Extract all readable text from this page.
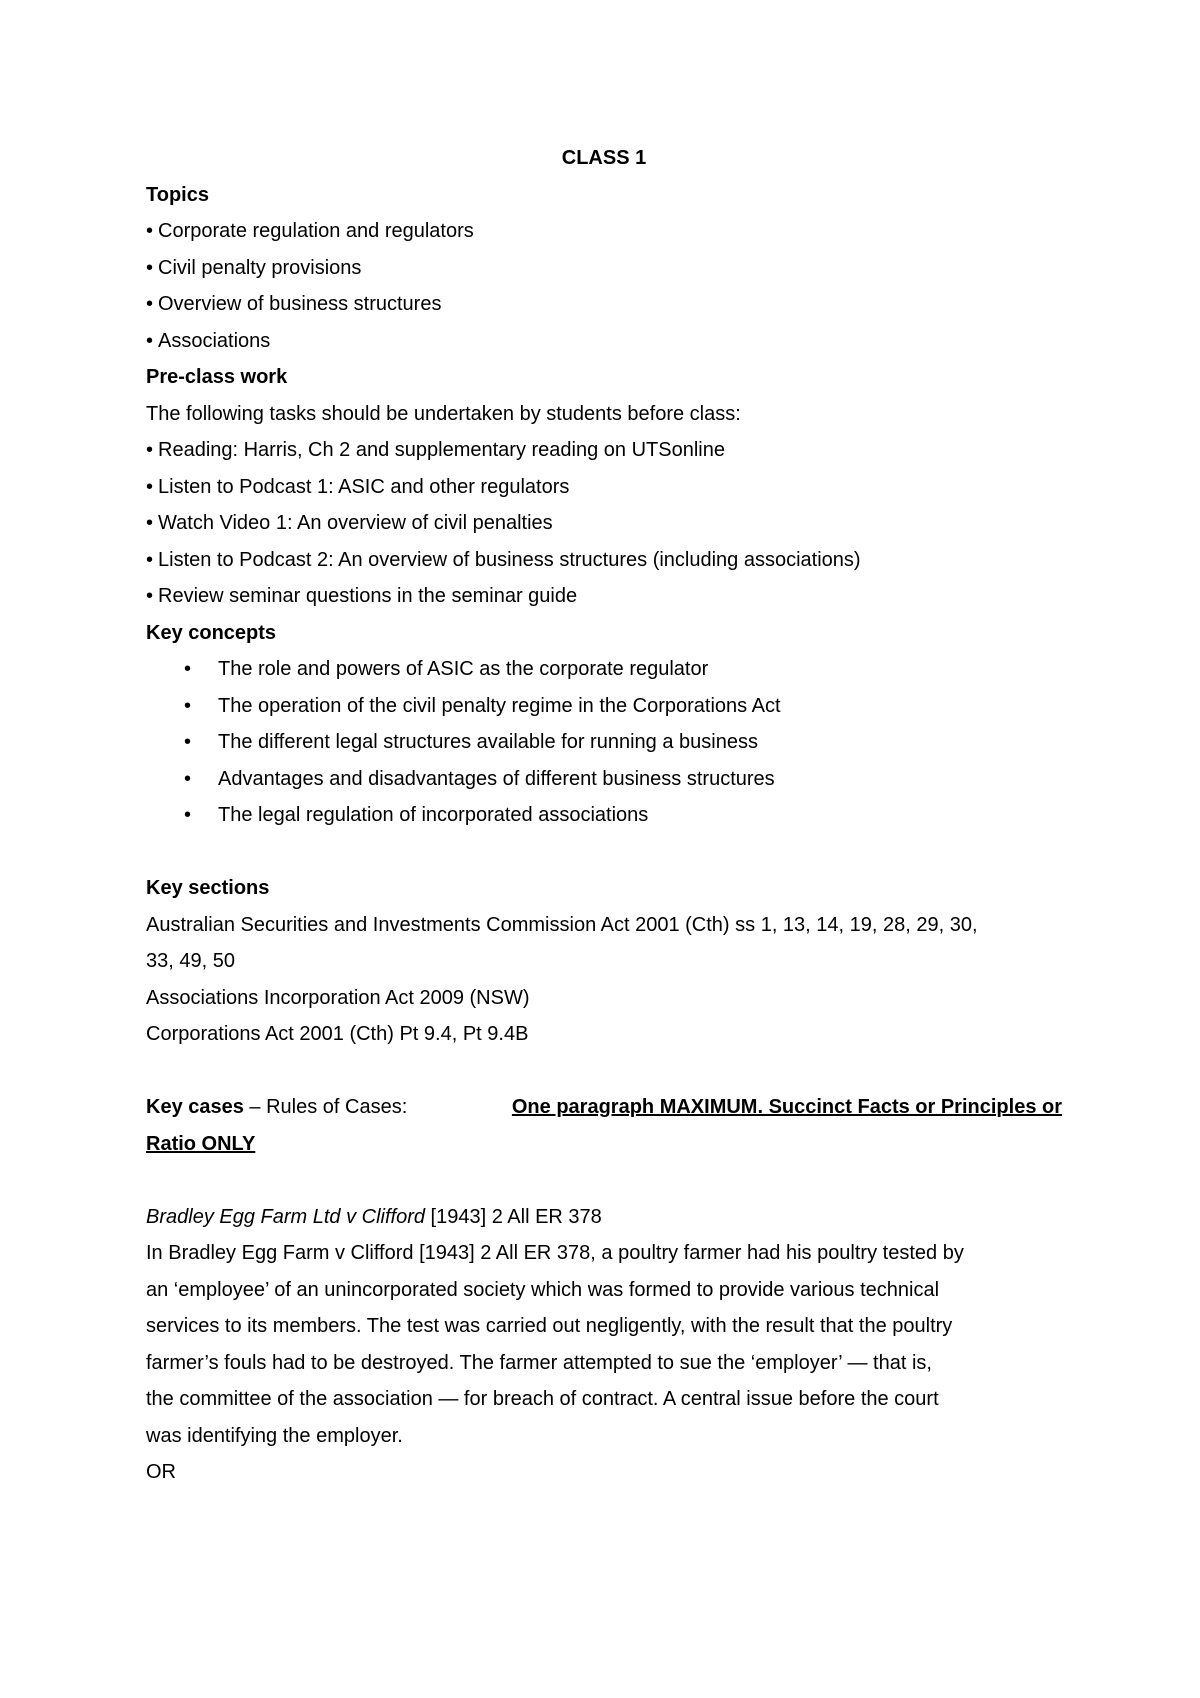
CLASS 1

Topics

• Corporate regulation and regulators

• Civil penalty provisions

• Overview of business structures

• Associations

Pre-class work

The following tasks should be undertaken by students before class:

• Reading: Harris, Ch 2 and supplementary reading on UTSonline

• Listen to Podcast 1: ASIC and other regulators

• Watch Video 1: An overview of civil penalties

• Listen to Podcast 2: An overview of business structures (including associations)

• Review seminar questions in the seminar guide

Key concepts

• The role and powers of ASIC as the corporate regulator
• The operation of the civil penalty regime in the Corporations Act
• The different legal structures available for running a business
• Advantages and disadvantages of different business structures
• The legal regulation of incorporated associations

Key sections

Australian Securities and Investments Commission Act 2001 (Cth) ss 1, 13, 14, 19, 28, 29, 30,

33, 49, 50

Associations Incorporation Act 2009 (NSW)

Corporations Act 2001 (Cth) Pt 9.4, Pt 9.4B

Key cases – Rules of Cases:	One paragraph MAXIMUM. Succinct Facts or Principles or

Ratio ONLY

Bradley Egg Farm Ltd v Clifford [1943] 2 All ER 378

In Bradley Egg Farm v Clifford [1943] 2 All ER 378, a poultry farmer had his poultry tested by

an ‘employee’ of an unincorporated society which was formed to provide various technical

services to its members. The test was carried out negligently, with the result that the poultry

farmer’s fouls had to be destroyed. The farmer attempted to sue the ‘employer’ — that is,

the committee of the association — for breach of contract. A central issue before the court

was identifying the employer.

OR
